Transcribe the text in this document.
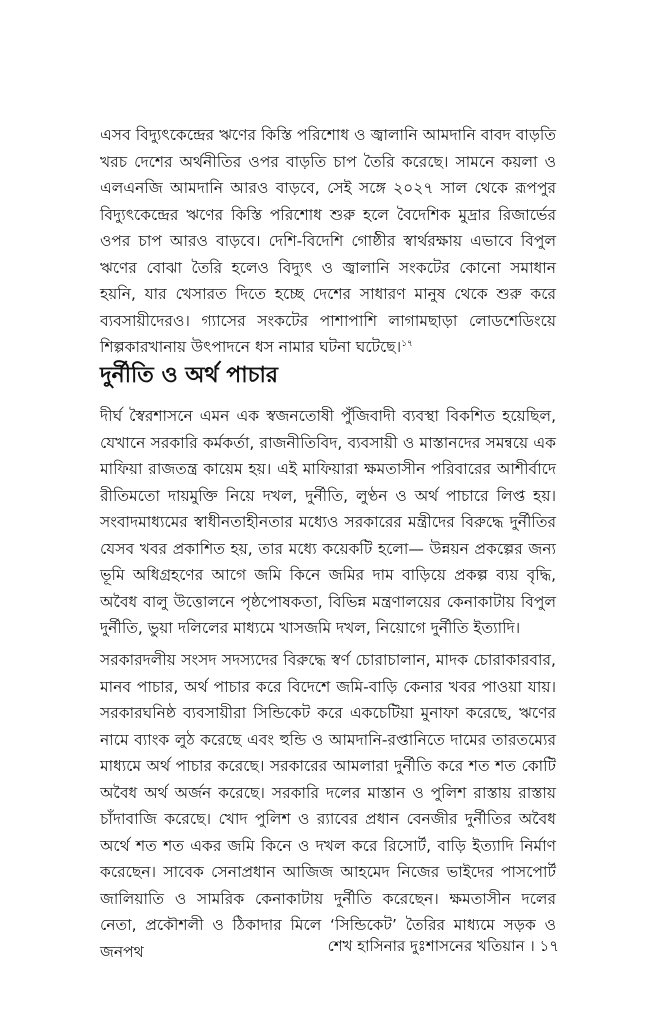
এসব বিদ্যুৎকেন্দ্রের ঋণের কিস্তি পরিশোধ ও জ্বালানি আমদানি বাবদ বাড়তি খরচ দেশের অর্থনীতির ওপর বাড়তি চাপ তৈরি করেছে। সামনে কয়লা ও এলএনজি আমদানি আরও বাড়বে, সেই সঙ্গে ২০২৭ সাল থেকে রূপপুর বিদ্যুৎকেন্দ্রের ঋণের কিস্তি পরিশোধ শুরু হলে বৈদেশিক মুদ্রার রিজার্ভের ওপর চাপ আরও বাড়বে। দেশি-বিদেশি গোষ্ঠীর স্বার্থরক্ষায় এভাবে বিপুল ঋণের বোঝা তৈরি হলেও বিদ্যুৎ ও জ্বালানি সংকটের কোনো সমাধান হয়নি, যার খেসারত দিতে হচ্ছে দেশের সাধারণ মানুষ থেকে শুরু করে ব্যবসায়ীদেরও। গ্যাসের সংকটের পাশাপাশি লাগামছাড়া লোডশেডিংয়ে শিল্পকারখানায় উৎপাদনে ধস নামার ঘটনা ঘটেছে।$^{১৭}$

দুর্নীতি ও অর্থ পাচার

দীর্ঘ স্বৈরশাসনে এমন এক স্বজনতোষী পুঁজিবাদী ব্যবস্থা বিকশিত হয়েছিল, যেখানে সরকারি কর্মকর্তা, রাজনীতিবিদ, ব্যবসায়ী ও মাস্তানদের সমন্বয়ে এক মাফিয়া রাজতন্ত্র কায়েম হয়। এই মাফিয়ারা ক্ষমতাসীন পরিবারের আশীর্বাদে রীতিমতো দায়মুক্তি নিয়ে দখল, দুর্নীতি, লুণ্ঠন ও অর্থ পাচারে লিপ্ত হয়। সংবাদমাধ্যমের স্বাধীনতাহীনতার মধ্যেও সরকারের মন্ত্রীদের বিরুদ্ধে দুর্নীতির যেসব খবর প্রকাশিত হয়, তার মধ্যে কয়েকটি হলো— উন্নয়ন প্রকল্পের জন্য ভূমি অধিগ্রহণের আগে জমি কিনে জমির দাম বাড়িয়ে প্রকল্প ব্যয় বৃদ্ধি, অবৈধ বালু উত্তোলনে পৃষ্ঠপোষকতা, বিভিন্ন মন্ত্রণালয়ের কেনাকাটায় বিপুল দুর্নীতি, ভুয়া দলিলের মাধ্যমে খাসজমি দখল, নিয়োগে দুর্নীতি ইত্যাদি।

সরকারদলীয় সংসদ সদস্যদের বিরুদ্ধে স্বর্ণ চোরাচালান, মাদক চোরাকারবার, মানব পাচার, অর্থ পাচার করে বিদেশে জমি-বাড়ি কেনার খবর পাওয়া যায়। সরকারঘনিষ্ঠ ব্যবসায়ীরা সিন্ডিকেট করে একচেটিয়া মুনাফা করেছে, ঋণের নামে ব্যাংক লুঠ করেছে এবং হুন্ডি ও আমদানি-রপ্তানিতে দামের তারতম্যের মাধ্যমে অর্থ পাচার করেছে। সরকারের আমলারা দুর্নীতি করে শত শত কোটি অবৈধ অর্থ অর্জন করেছে। সরকারি দলের মাস্তান ও পুলিশ রাস্তায় রাস্তায় চাঁদাবাজি করেছে। খোদ পুলিশ ও র‍্যাবের প্রধান বেনজীর দুর্নীতির অবৈধ অর্থে শত শত একর জমি কিনে ও দখল করে রিসোর্ট, বাড়ি ইত্যাদি নির্মাণ করেছেন। সাবেক সেনাপ্রধান আজিজ আহমেদ নিজের ভাইদের পাসপোর্ট জালিয়াতি ও সামরিক কেনাকাটায় দুর্নীতি করেছেন। ক্ষমতাসীন দলের নেতা, প্রকৌশলী ও ঠিকাদার মিলে ‘সিন্ডিকেট’ তৈরির মাধ্যমে সড়ক ও জনপথ	শেখ হাসিনার দুঃশাসনের খতিয়ান । ১৭
